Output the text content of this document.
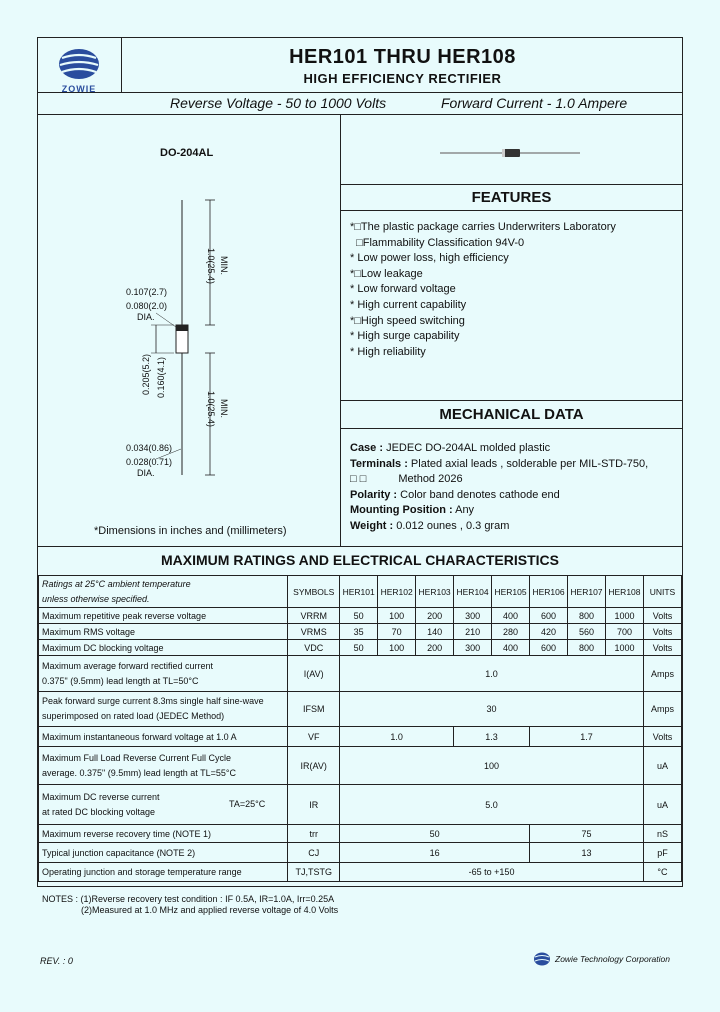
ZOWIE
HER101 THRU HER108
HIGH EFFICIENCY RECTIFIER
Reverse Voltage - 50 to 1000 Volts	Forward Current - 1.0 Ampere
DO-204AL
1.0(25.4) MIN.
0.107(2.7)
0.080(2.0)
DIA.
0.205(5.2) 0.160(4.1)
1.0(25.4) MIN.
0.034(0.86)
0.028(0.71)
DIA.
*Dimensions in inches and (millimeters)
FEATURES
*□The plastic package carries Underwriters Laboratory
□Flammability Classification 94V-0
* Low power loss, high efficiency
*□Low leakage
* Low forward voltage
* High current capability
*□High speed switching
* High surge capability
* High reliability
MECHANICAL DATA
Case : JEDEC DO-204AL molded plastic
Terminals : Plated axial leads , solderable per MIL-STD-750,
□ □	Method 2026
Polarity : Color band denotes cathode end
Mounting Position : Any
Weight : 0.012 ounes , 0.3 gram
MAXIMUM RATINGS AND ELECTRICAL CHARACTERISTICS
Ratings at 25°C ambient temperature
unless otherwise specified.	SYMBOLS	HER101	HER102	HER103	HER104	HER105	HER106	HER107	HER108	UNITS
Maximum repetitive peak reverse voltage	VRRM	50	100	200	300	400	600	800	1000	Volts
Maximum RMS voltage	VRMS	35	70	140	210	280	420	560	700	Volts
Maximum DC blocking voltage	VDC	50	100	200	300	400	600	800	1000	Volts

Maximum average forward rectified current
0.375" (9.5mm) lead length at TL=50°C	I(AV)	1.0								Amps

Peak forward surge current 8.3ms single half sine-wave
superimposed on rated load (JEDEC Method)	IFSM	30								Amps
Maximum instantaneous forward voltage at 1.0 A	VF	1.0			1.3		1.7			Volts

Maximum Full Load Reverse Current Full Cycle
average. 0.375" (9.5mm) lead length at TL=55°C	IR(AV)	100								uA

Maximum DC reverse current
at rated DC blocking voltage
TA=25°C	IR	5.0								uA
Maximum reverse recovery time (NOTE 1)	trr	50					75			nS
Typical junction capacitance (NOTE 2)	CJ	16					13			pF
Operating junction and storage temperature range	TJ,TSTG	-65 to +150								°C
NOTES : (1)Reverse recovery test condition : IF 0.5A, IR=1.0A, Irr=0.25A
(2)Measured at 1.0 MHz and applied reverse voltage of 4.0 Volts
REV. : 0	Zowie Technology Corporation
